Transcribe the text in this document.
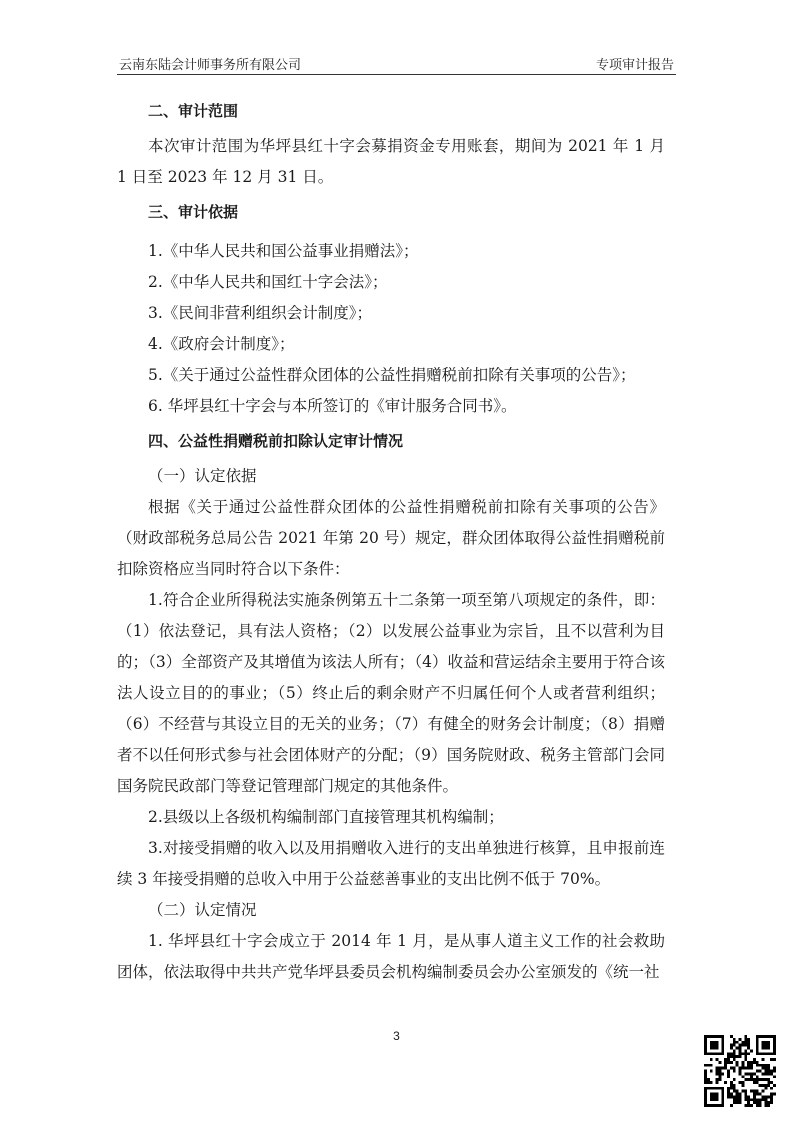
云南东陆会计师事务所有限公司	专项审计报告

二、审计范围

本次审计范围为华坪县红十字会募捐资金专用账套，期间为 2021 年 1 月 1 日至 2023 年 12 月 31 日。

三、审计依据

1.《中华人民共和国公益事业捐赠法》；

2.《中华人民共和国红十字会法》；

3.《民间非营利组织会计制度》；

4.《政府会计制度》；

5.《关于通过公益性群众团体的公益性捐赠税前扣除有关事项的公告》；

6. 华坪县红十字会与本所签订的《审计服务合同书》。

四、公益性捐赠税前扣除认定审计情况

（一）认定依据

根据《关于通过公益性群众团体的公益性捐赠税前扣除有关事项的公告》（财政部税务总局公告 2021 年第 20 号）规定，群众团体取得公益性捐赠税前扣除资格应当同时符合以下条件：

1.符合企业所得税法实施条例第五十二条第一项至第八项规定的条件，即：（1）依法登记，具有法人资格；（2）以发展公益事业为宗旨，且不以营利为目的；（3）全部资产及其增值为该法人所有；（4）收益和营运结余主要用于符合该法人设立目的的事业；（5）终止后的剩余财产不归属任何个人或者营利组织；（6）不经营与其设立目的无关的业务；（7）有健全的财务会计制度；（8）捐赠者不以任何形式参与社会团体财产的分配；（9）国务院财政、税务主管部门会同国务院民政部门等登记管理部门规定的其他条件。

2.县级以上各级机构编制部门直接管理其机构编制；

3.对接受捐赠的收入以及用捐赠收入进行的支出单独进行核算，且申报前连续 3 年接受捐赠的总收入中用于公益慈善事业的支出比例不低于 70%。

（二）认定情况

1. 华坪县红十字会成立于 2014 年 1 月，是从事人道主义工作的社会救助团体，依法取得中共共产党华坪县委员会机构编制委员会办公室颁发的《统一社

3
